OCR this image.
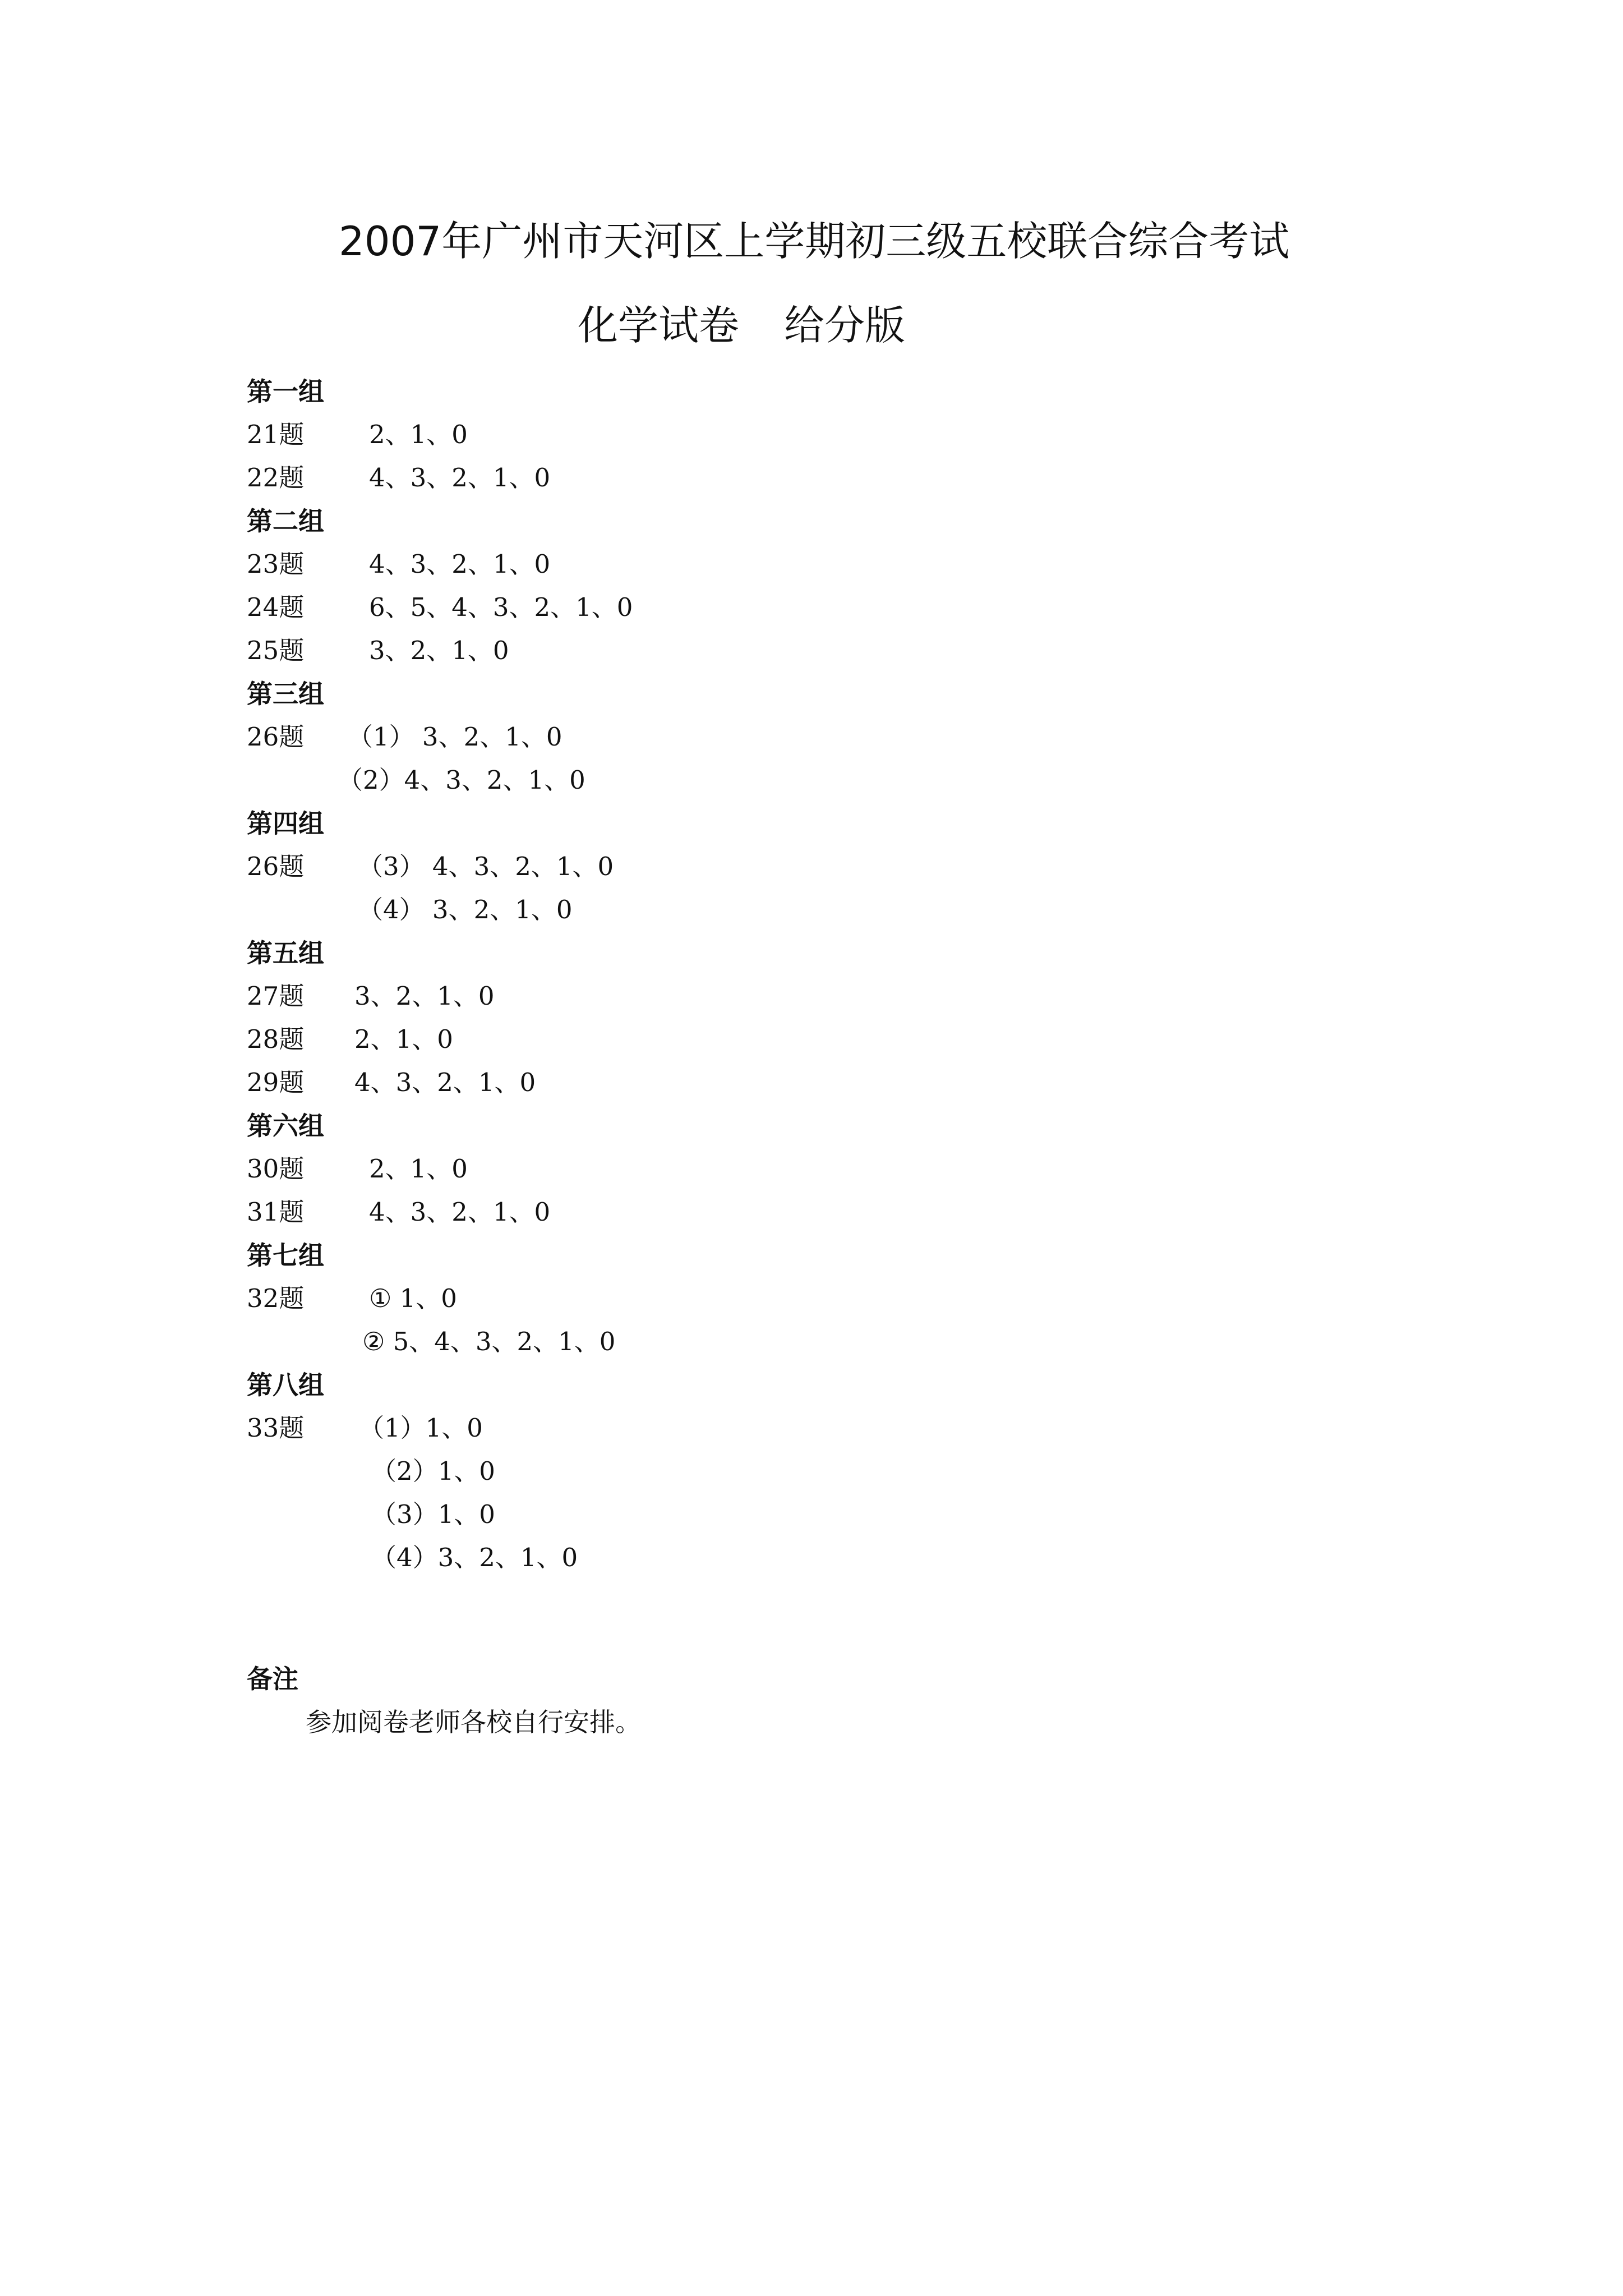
2007年广州市天河区上学期初三级五校联合综合考试
化学试卷 给分版
第一组
21题	2、1、0
22题	4、3、2、1、0
第二组
23题	4、3、2、1、0
24题	6、5、4、3、2、1、0
25题	3、2、1、0
第三组
26题 （1） 3、2、1、0
（2）4、3、2、1、0
第四组
26题 （3） 4、3、2、1、0
（4） 3、2、1、0
第五组
27题 3、2、1、0
28题 2、1、0
29题 4、3、2、1、0
第六组
30题	2、1、0
31题	4、3、2、1、0
第七组
32题	① 1、0
② 5、4、3、2、1、0
第八组
33题 （1）1、0
（2）1、0
（3）1、0
（4）3、2、1、0
备注
参加阅卷老师各校自行安排。
